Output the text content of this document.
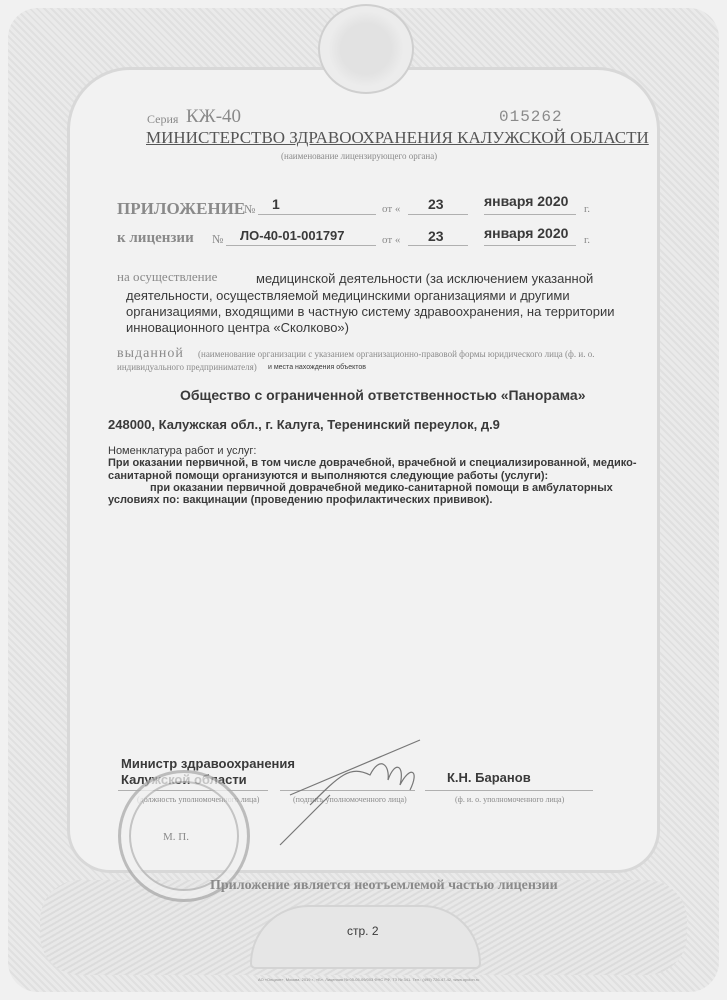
Серия КЖ-40	015262
МИНИСТЕРСТВО ЗДРАВООХРАНЕНИЯ КАЛУЖСКОЙ ОБЛАСТИ
(наименование лицензирующего органа)
ПРИЛОЖЕНИЕ
№ 1	от « 23	января 2020 г.
к лицензии № ЛО-40-01-001797	от « 23	января 2020 г.
на осуществление	медицинской деятельности (за исключением указанной
деятельности, осуществляемой медицинскими организациями и другими
организациями, входящими в частную систему здравоохранения, на территории
инновационного центра «Сколково»)
выданной (наименование организации с указанием организационно-правовой формы юридического лица (ф. и. о.
индивидуального предпринимателя) и места нахождения объектов
Общество с ограниченной ответственностью «Панорама»
248000, Калужская обл., г. Калуга, Теренинский переулок, д.9
Номенклатура работ и услуг:
При оказании первичной, в том числе доврачебной, врачебной и специализированной, медико-
санитарной помощи организуются и выполняются следующие работы (услуги):
при оказании первичной доврачебной медико-санитарной помощи в амбулаторных
условиях по: вакцинации (проведению профилактических прививок).
Министр здравоохранения
Калужской области	К.Н. Баранов
(должность уполномоченного лица)	(подпись уполномоченного лица)	(ф. и. о. уполномоченного лица)
М. П.
Приложение является неотъемлемой частью лицензии
стр. 2
АО «Опцион», Москва, 2019 г., «Б». Лицензия № 05-05-09/003 ФНС РФ, ТЗ № 341. Тел.: (495) 726-47-42, www.opcion.ru
